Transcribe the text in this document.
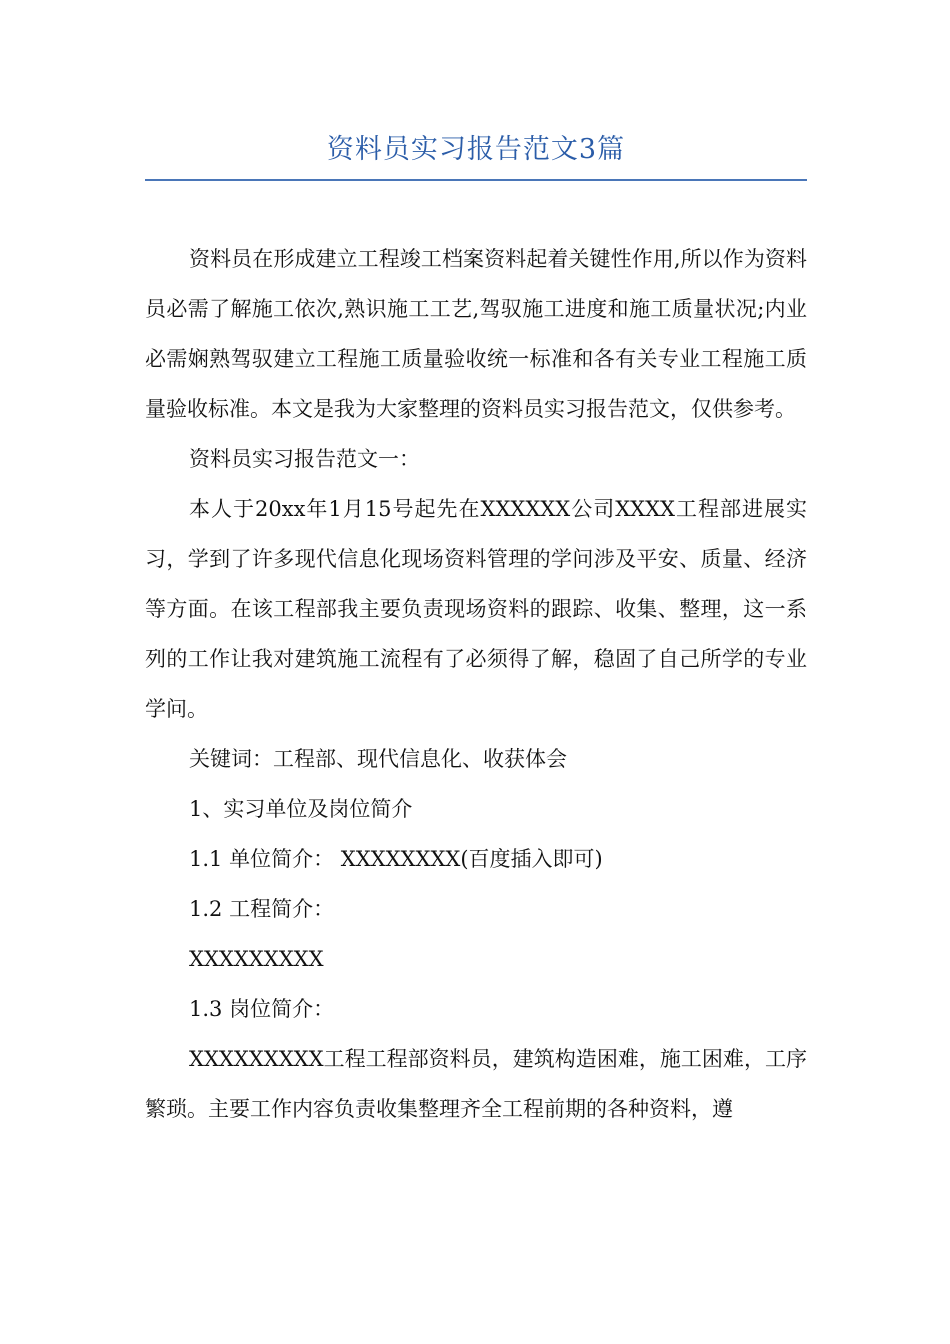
资料员实习报告范文3篇

资料员在形成建立工程竣工档案资料起着关键性作用,所以作为资料员必需了解施工依次,熟识施工工艺,驾驭施工进度和施工质量状况;内业必需娴熟驾驭建立工程施工质量验收统一标准和各有关专业工程施工质量验收标准。本文是我为大家整理的资料员实习报告范文，仅供参考。

资料员实习报告范文一：

本人于20xx年1月15号起先在XXXXXX公司XXXX工程部进展实习，学到了许多现代信息化现场资料管理的学问涉及平安、质量、经济等方面。在该工程部我主要负责现场资料的跟踪、收集、整理，这一系列的工作让我对建筑施工流程有了必须得了解，稳固了自己所学的专业学问。

关键词：工程部、现代信息化、收获体会

1、实习单位及岗位简介

1.1 单位简介： XXXXXXXX(百度插入即可)

1.2 工程简介：

XXXXXXXXX

1.3 岗位简介：

XXXXXXXXX工程工程部资料员，建筑构造困难，施工困难，工序繁琐。主要工作内容负责收集整理齐全工程前期的各种资料，遵
